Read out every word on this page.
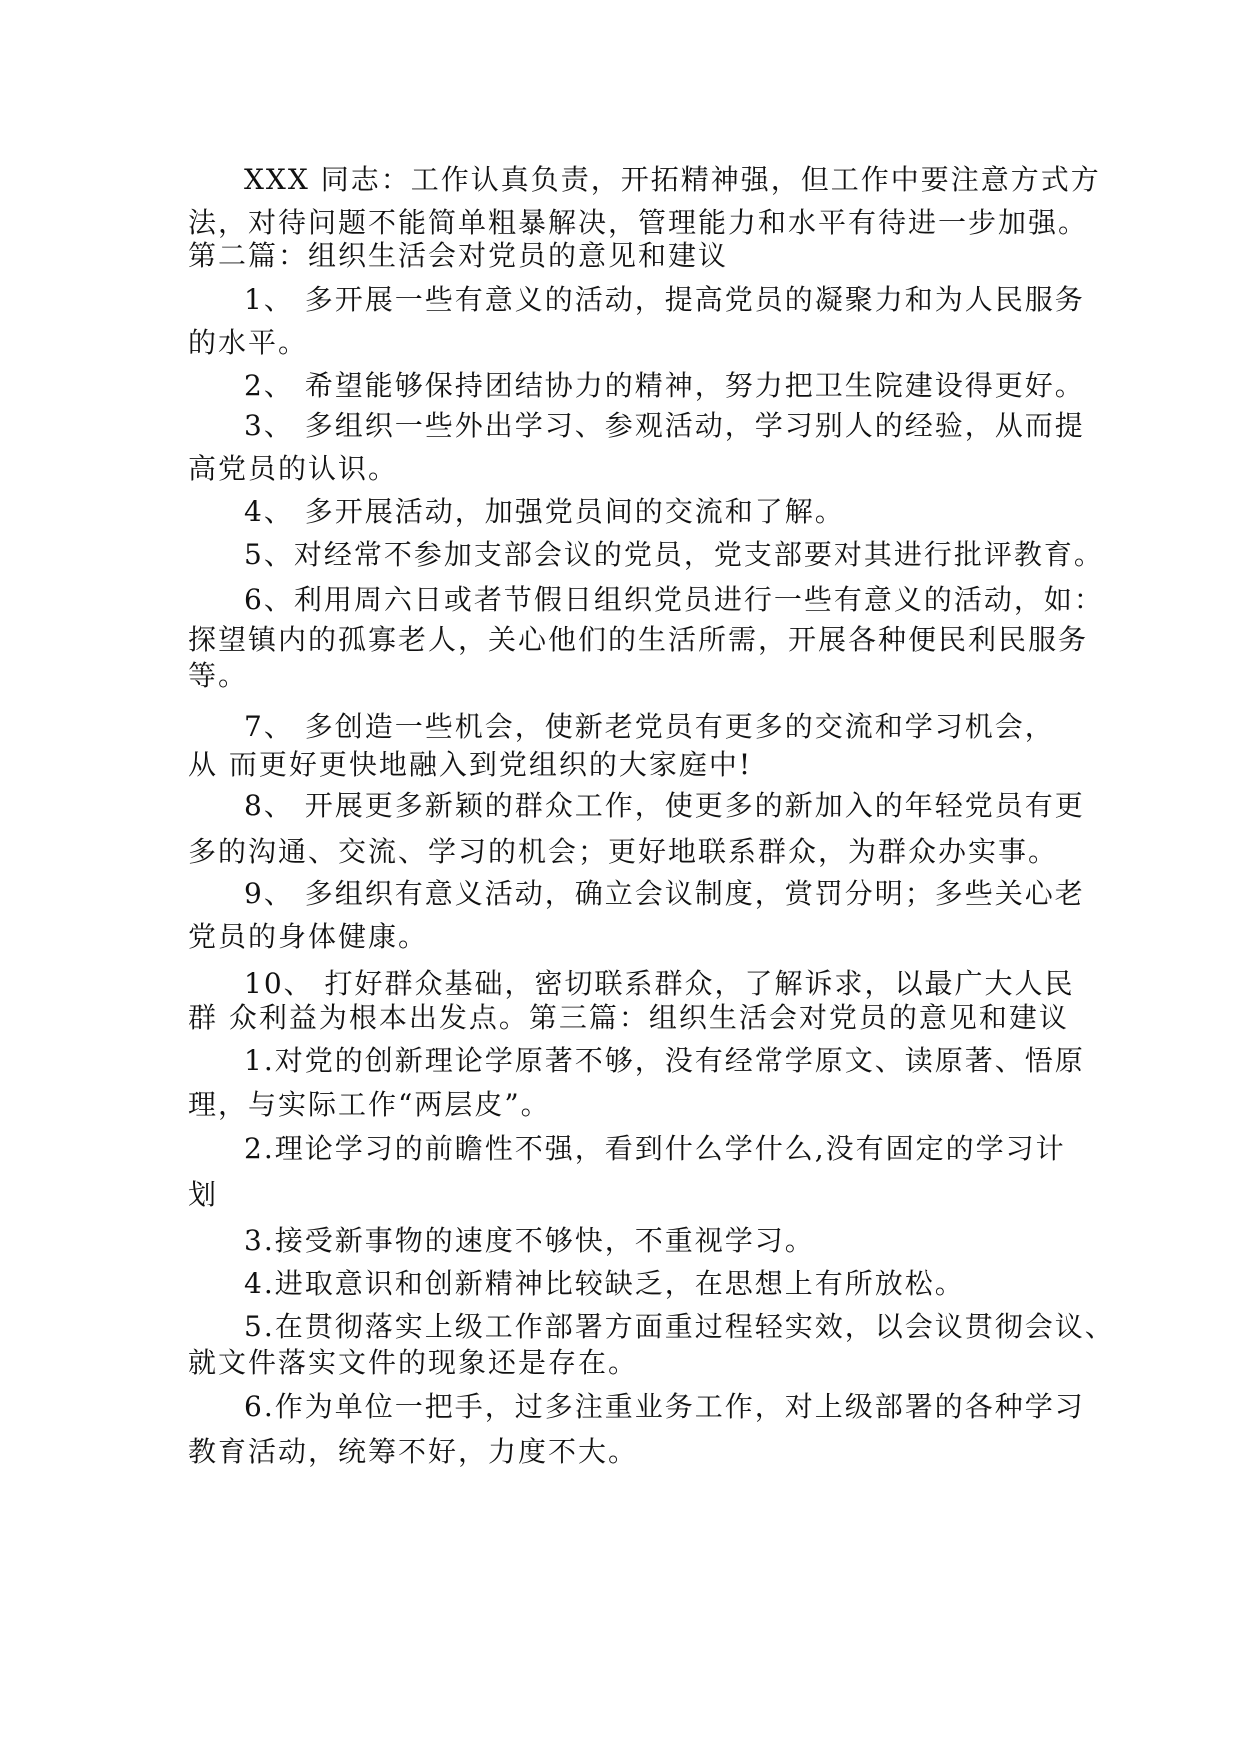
XXX 同志：工作认真负责，开拓精神强，但工作中要注意方式方
法，对待问题不能简单粗暴解决，管理能力和水平有待进一步加强。
第二篇：组织生活会对党员的意见和建议
1、 多开展一些有意义的活动，提高党员的凝聚力和为人民服务
的水平。
2、 希望能够保持团结协力的精神，努力把卫生院建设得更好。
3、 多组织一些外出学习、参观活动，学习别人的经验，从而提
高党员的认识。
4、 多开展活动，加强党员间的交流和了解。
5、对经常不参加支部会议的党员，党支部要对其进行批评教育。
6、利用周六日或者节假日组织党员进行一些有意义的活动，如：
探望镇内的孤寡老人，关心他们的生活所需，开展各种便民利民服务
等。
7、 多创造一些机会，使新老党员有更多的交流和学习机会，
从 而更好更快地融入到党组织的大家庭中!
8、 开展更多新颖的群众工作，使更多的新加入的年轻党员有更
多的沟通、交流、学习的机会；更好地联系群众，为群众办实事。
9、 多组织有意义活动，确立会议制度，赏罚分明；多些关心老
党员的身体健康。
10、 打好群众基础，密切联系群众，了解诉求，以最广大人民
群 众利益为根本出发点。第三篇：组织生活会对党员的意见和建议
1.对党的创新理论学原著不够，没有经常学原文、读原著、悟原
理，与实际工作“两层皮”。
2.理论学习的前瞻性不强，看到什么学什么,没有固定的学习计
划
3.接受新事物的速度不够快，不重视学习。
4.进取意识和创新精神比较缺乏，在思想上有所放松。
5.在贯彻落实上级工作部署方面重过程轻实效，以会议贯彻会议、
就文件落实文件的现象还是存在。
6.作为单位一把手，过多注重业务工作，对上级部署的各种学习
教育活动，统筹不好，力度不大。
